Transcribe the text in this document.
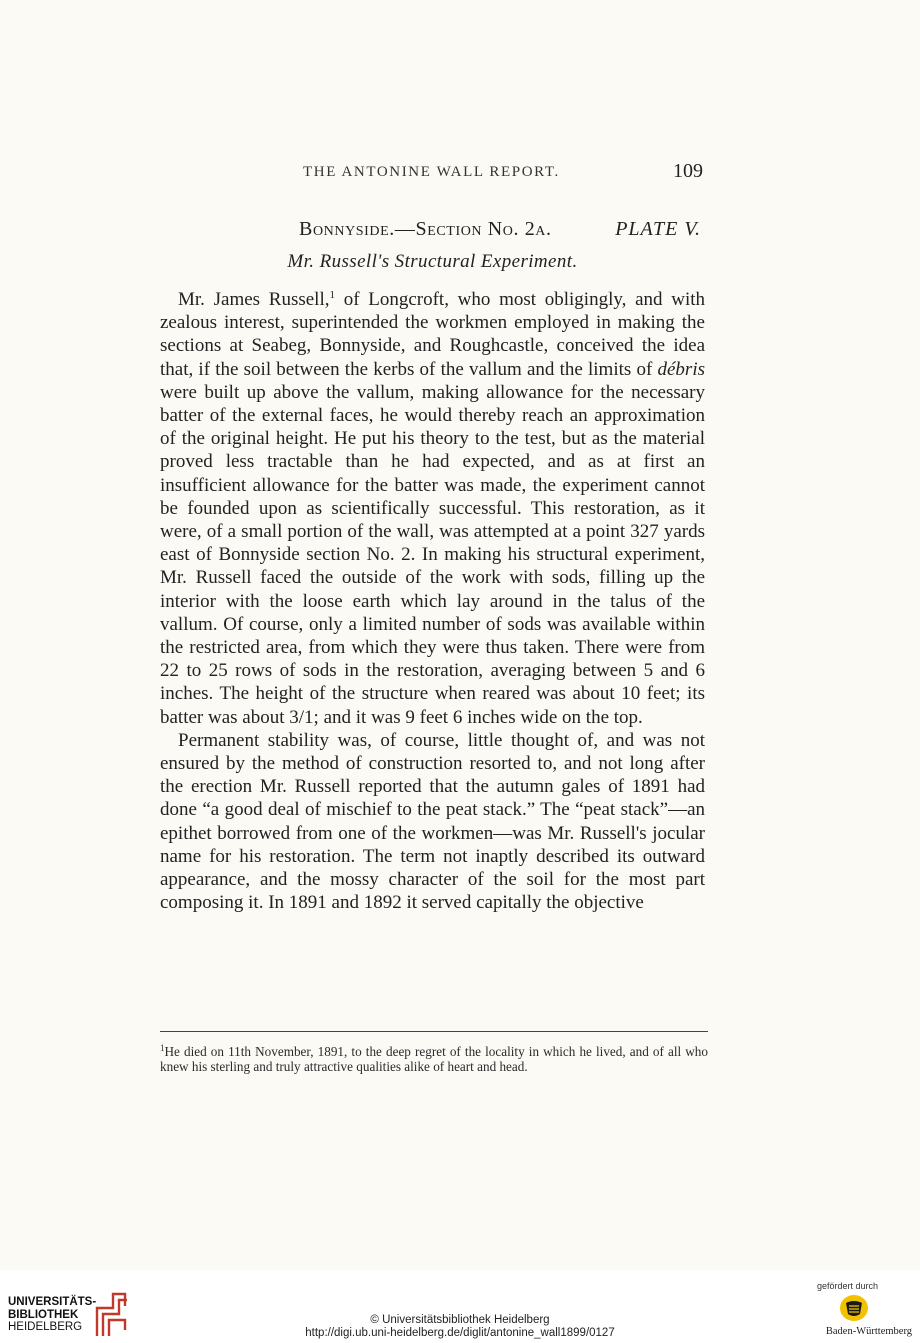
THE ANTONINE WALL REPORT.	109
Bonnyside.—Section No. 2a.	PLATE V.
Mr. Russell's Structural Experiment.

Mr. James Russell,$^1$ of Longcroft, who most obligingly, and with zealous interest, superintended the workmen employed in making the sections at Seabeg, Bonnyside, and Roughcastle, conceived the idea that, if the soil between the kerbs of the vallum and the limits of débris were built up above the vallum, making allowance for the necessary batter of the external faces, he would thereby reach an approximation of the original height. He put his theory to the test, but as the material proved less tractable than he had expected, and as at first an insufficient allowance for the batter was made, the experiment cannot be founded upon as scientifically successful. This restoration, as it were, of a small portion of the wall, was attempted at a point 327 yards east of Bonnyside section No. 2. In making his structural experiment, Mr. Russell faced the outside of the work with sods, filling up the interior with the loose earth which lay around in the talus of the vallum. Of course, only a limited number of sods was available within the restricted area, from which they were thus taken. There were from 22 to 25 rows of sods in the restoration, averaging between 5 and 6 inches. The height of the structure when reared was about 10 feet; its batter was about 3/1; and it was 9 feet 6 inches wide on the top.

Permanent stability was, of course, little thought of, and was not ensured by the method of construction resorted to, and not long after the erection Mr. Russell reported that the autumn gales of 1891 had done “a good deal of mischief to the peat stack.” The “peat stack”—an epithet borrowed from one of the workmen—was Mr. Russell's jocular name for his restoration. The term not inaptly described its outward appearance, and the mossy character of the soil for the most part composing it. In 1891 and 1892 it served capitally the objective

$^1$He died on 11th November, 1891, to the deep regret of the locality in which he lived, and of all who knew his sterling and truly attractive qualities alike of heart and head.
UNIVERSITÄTS-
BIBLIOTHEK
HEIDELBERG
© Universitätsbibliothek Heidelberg
http://digi.ub.uni-heidelberg.de/diglit/antonine_wall1899/0127
gefördert durch
Baden-Württemberg
